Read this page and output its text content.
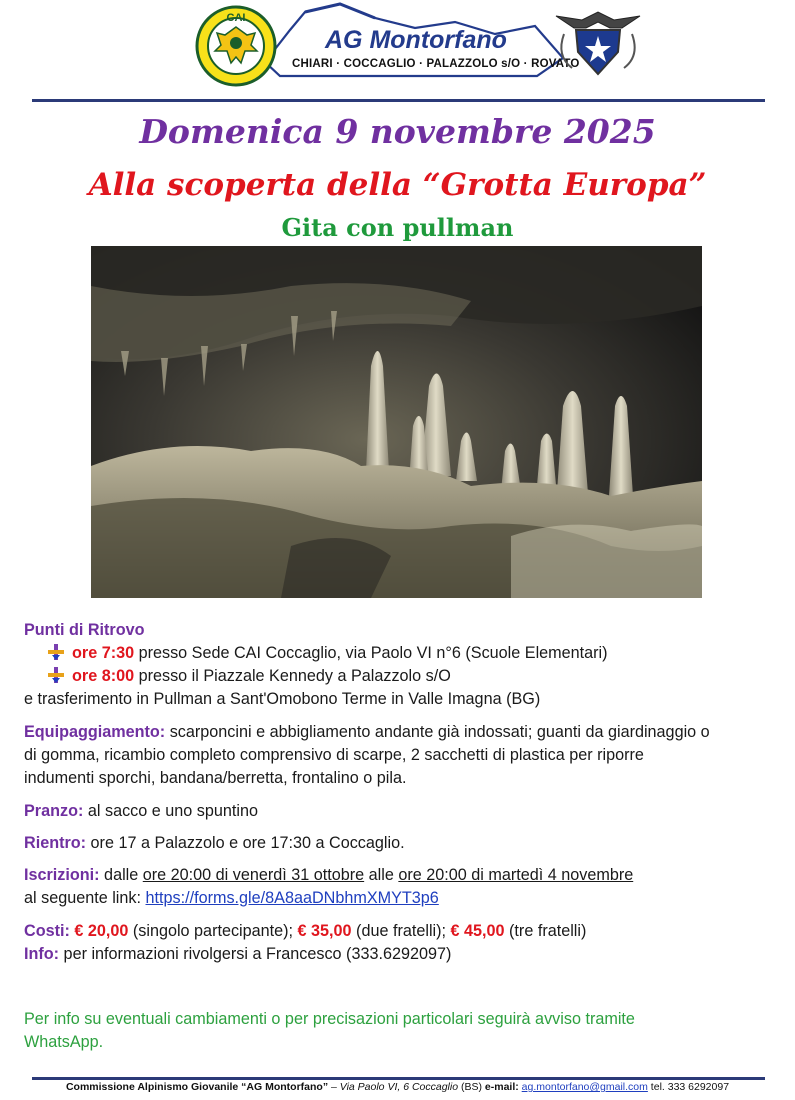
CAI
AG Montorfano
CHIARI · COCCAGLIO · PALAZZOLO s/O · ROVATO
Domenica 9 novembre 2025
Alla scoperta della “Grotta Europa”
Gita con pullman
Punti di Ritrovo
ore 7:30 presso Sede CAI Coccaglio, via Paolo VI n°6 (Scuole Elementari)
ore 8:00 presso il Piazzale Kennedy a Palazzolo s/O
e trasferimento in Pullman a Sant'Omobono Terme in Valle Imagna (BG)
Equipaggiamento: scarponcini e abbigliamento andante già indossati; guanti da giardinaggio o
di gomma, ricambio completo comprensivo di scarpe, 2 sacchetti di plastica per riporre
indumenti sporchi, bandana/berretta, frontalino o pila.
Pranzo: al sacco e uno spuntino
Rientro: ore 17 a Palazzolo e ore 17:30 a Coccaglio.
Iscrizioni: dalle ore 20:00 di venerdì 31 ottobre alle ore 20:00 di martedì 4 novembre
al seguente link: https://forms.gle/8A8aaDNbhmXMYT3p6
Costi: € 20,00 (singolo partecipante); € 35,00 (due fratelli); € 45,00 (tre fratelli)
Info: per informazioni rivolgersi a Francesco (333.6292097)
Per info su eventuali cambiamenti o per precisazioni particolari seguirà avviso tramite
WhatsApp.
Commissione Alpinismo Giovanile “AG Montorfano” – Via Paolo VI, 6 Coccaglio (BS) e-mail: ag.montorfano@gmail.com tel. 333 6292097
